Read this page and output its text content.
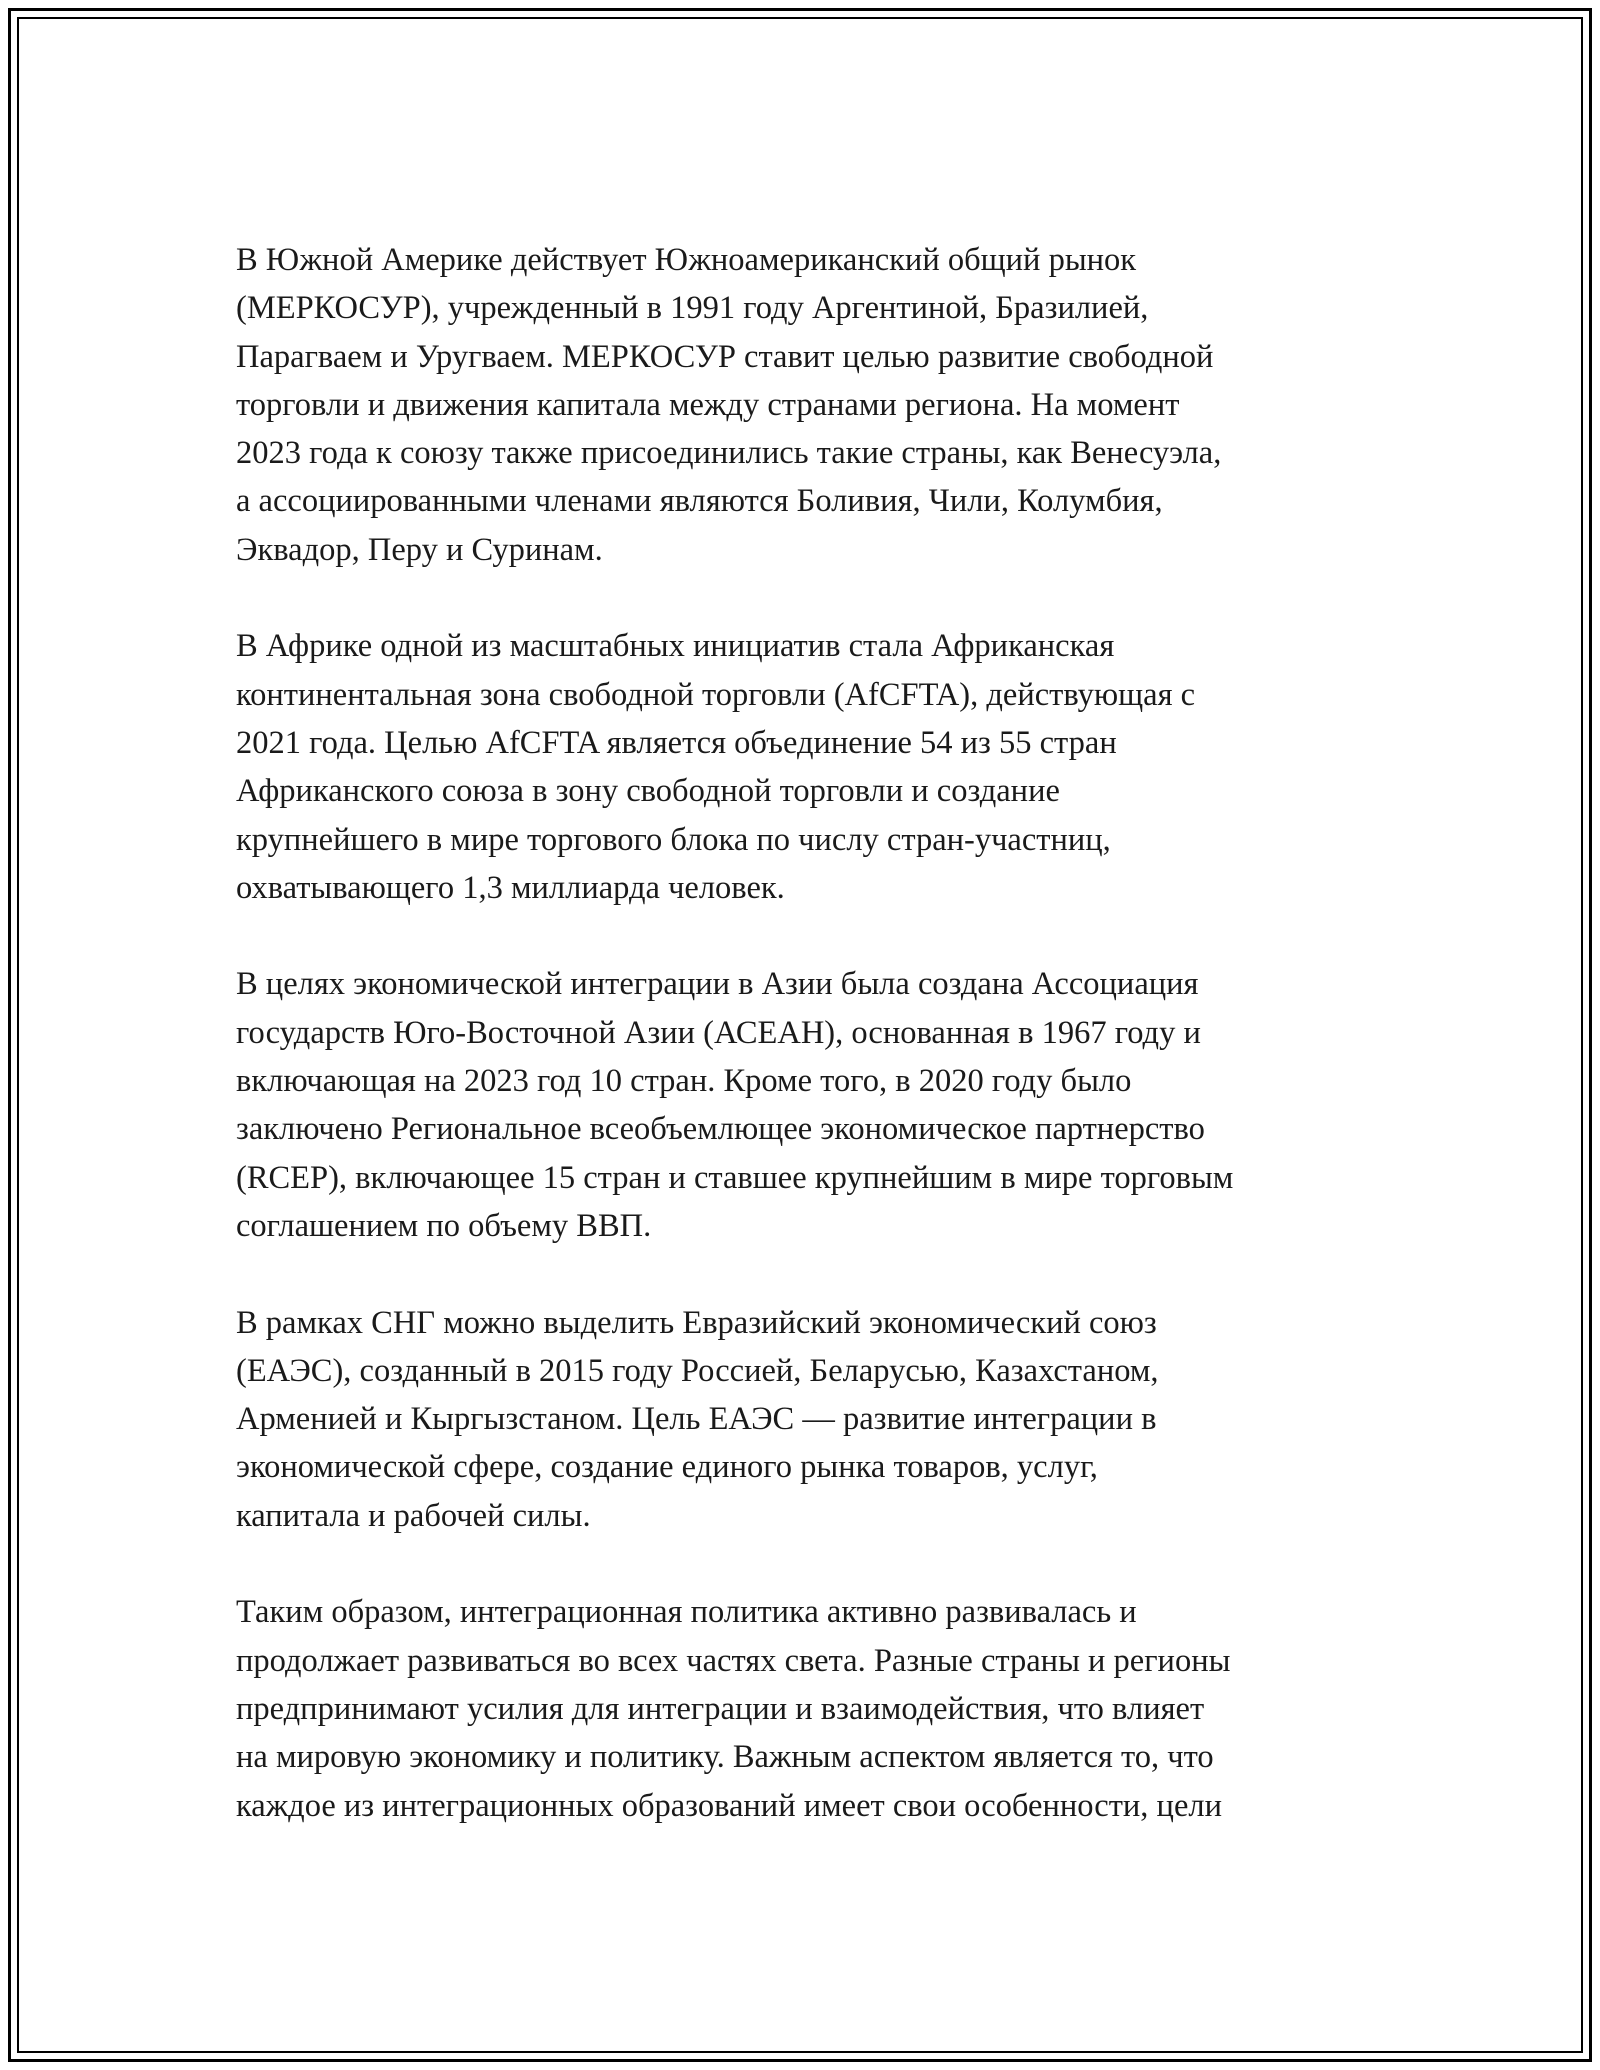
В Южной Америке действует Южноамериканский общий рынок
(МЕРКОСУР), учрежденный в 1991 году Аргентиной, Бразилией,
Парагваем и Уругваем. МЕРКОСУР ставит целью развитие свободной
торговли и движения капитала между странами региона. На момент
2023 года к союзу также присоединились такие страны, как Венесуэла,
а ассоциированными членами являются Боливия, Чили, Колумбия,
Эквадор, Перу и Суринам.

В Африке одной из масштабных инициатив стала Африканская
континентальная зона свободной торговли (AfCFTA), действующая с
2021 года. Целью AfCFTA является объединение 54 из 55 стран
Африканского союза в зону свободной торговли и создание
крупнейшего в мире торгового блока по числу стран-участниц,
охватывающего 1,3 миллиарда человек.

В целях экономической интеграции в Азии была создана Ассоциация
государств Юго-Восточной Азии (АСЕАН), основанная в 1967 году и
включающая на 2023 год 10 стран. Кроме того, в 2020 году было
заключено Региональное всеобъемлющее экономическое партнерство
(RCEP), включающее 15 стран и ставшее крупнейшим в мире торговым
соглашением по объему ВВП.

В рамках СНГ можно выделить Евразийский экономический союз
(ЕАЭС), созданный в 2015 году Россией, Беларусью, Казахстаном,
Арменией и Кыргызстаном. Цель ЕАЭС — развитие интеграции в
экономической сфере, создание единого рынка товаров, услуг,
капитала и рабочей силы.

Таким образом, интеграционная политика активно развивалась и
продолжает развиваться во всех частях света. Разные страны и регионы
предпринимают усилия для интеграции и взаимодействия, что влияет
на мировую экономику и политику. Важным аспектом является то, что
каждое из интеграционных образований имеет свои особенности, цели
